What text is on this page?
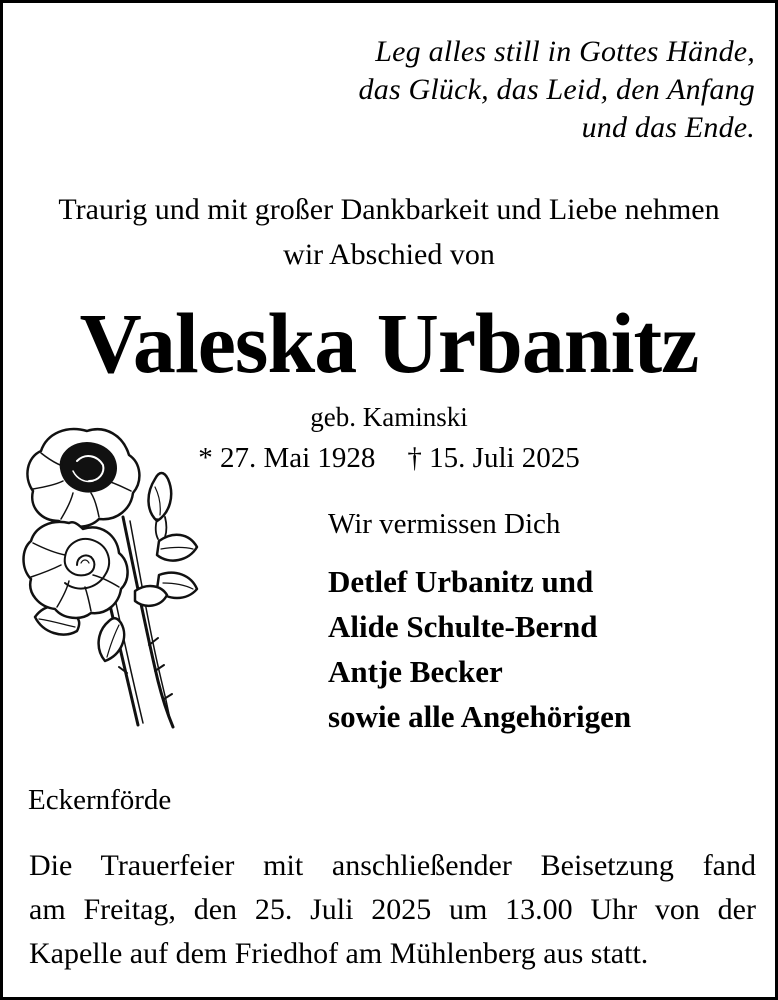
Leg alles still in Gottes Hände,
das Glück, das Leid, den Anfang
und das Ende.
Traurig und mit großer Dankbarkeit und Liebe nehmen
wir Abschied von
Valeska Urbanitz
geb. Kaminski
* 27. Mai 1928 † 15. Juli 2025
Wir vermissen Dich
Detlef Urbanitz und
Alide Schulte-Bernd
Antje Becker
sowie alle Angehörigen
Eckernförde
Die Trauerfeier mit anschließender Beisetzung fand
am Freitag, den 25. Juli 2025 um 13.00 Uhr von der
Kapelle auf dem Friedhof am Mühlenberg aus statt.
